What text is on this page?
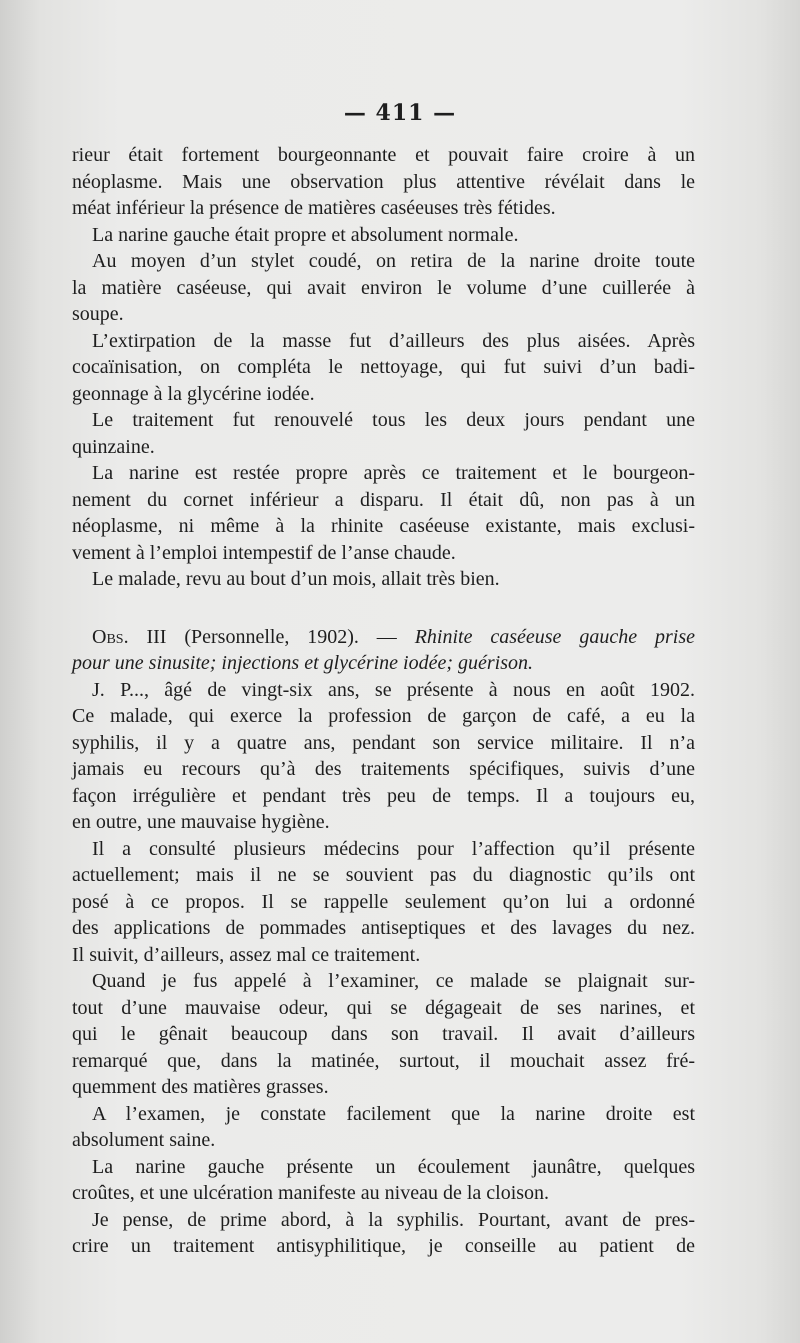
— 411 —
rieur était fortement bourgeonnante et pouvait faire croire à un
néoplasme. Mais une observation plus attentive révélait dans le
méat inférieur la présence de matières caséeuses très fétides.
La narine gauche était propre et absolument normale.
Au moyen d’un stylet coudé, on retira de la narine droite toute
la matière caséeuse, qui avait environ le volume d’une cuillerée à
soupe.
L’extirpation de la masse fut d’ailleurs des plus aisées. Après
cocaïnisation, on compléta le nettoyage, qui fut suivi d’un badi-
geonnage à la glycérine iodée.
Le traitement fut renouvelé tous les deux jours pendant une
quinzaine.
La narine est restée propre après ce traitement et le bourgeon-
nement du cornet inférieur a disparu. Il était dû, non pas à un
néoplasme, ni même à la rhinite caséeuse existante, mais exclusi-
vement à l’emploi intempestif de l’anse chaude.
Le malade, revu au bout d’un mois, allait très bien.
Obs. III (Personnelle, 1902). — Rhinite caséeuse gauche prise
pour une sinusite; injections et glycérine iodée; guérison.
J. P..., âgé de vingt-six ans, se présente à nous en août 1902.
Ce malade, qui exerce la profession de garçon de café, a eu la
syphilis, il y a quatre ans, pendant son service militaire. Il n’a
jamais eu recours qu’à des traitements spécifiques, suivis d’une
façon irrégulière et pendant très peu de temps. Il a toujours eu,
en outre, une mauvaise hygiène.
Il a consulté plusieurs médecins pour l’affection qu’il présente
actuellement; mais il ne se souvient pas du diagnostic qu’ils ont
posé à ce propos. Il se rappelle seulement qu’on lui a ordonné
des applications de pommades antiseptiques et des lavages du nez.
Il suivit, d’ailleurs, assez mal ce traitement.
Quand je fus appelé à l’examiner, ce malade se plaignait sur-
tout d’une mauvaise odeur, qui se dégageait de ses narines, et
qui le gênait beaucoup dans son travail. Il avait d’ailleurs
remarqué que, dans la matinée, surtout, il mouchait assez fré-
quemment des matières grasses.
A l’examen, je constate facilement que la narine droite est
absolument saine.
La narine gauche présente un écoulement jaunâtre, quelques
croûtes, et une ulcération manifeste au niveau de la cloison.
Je pense, de prime abord, à la syphilis. Pourtant, avant de pres-
crire un traitement antisyphilitique, je conseille au patient de
